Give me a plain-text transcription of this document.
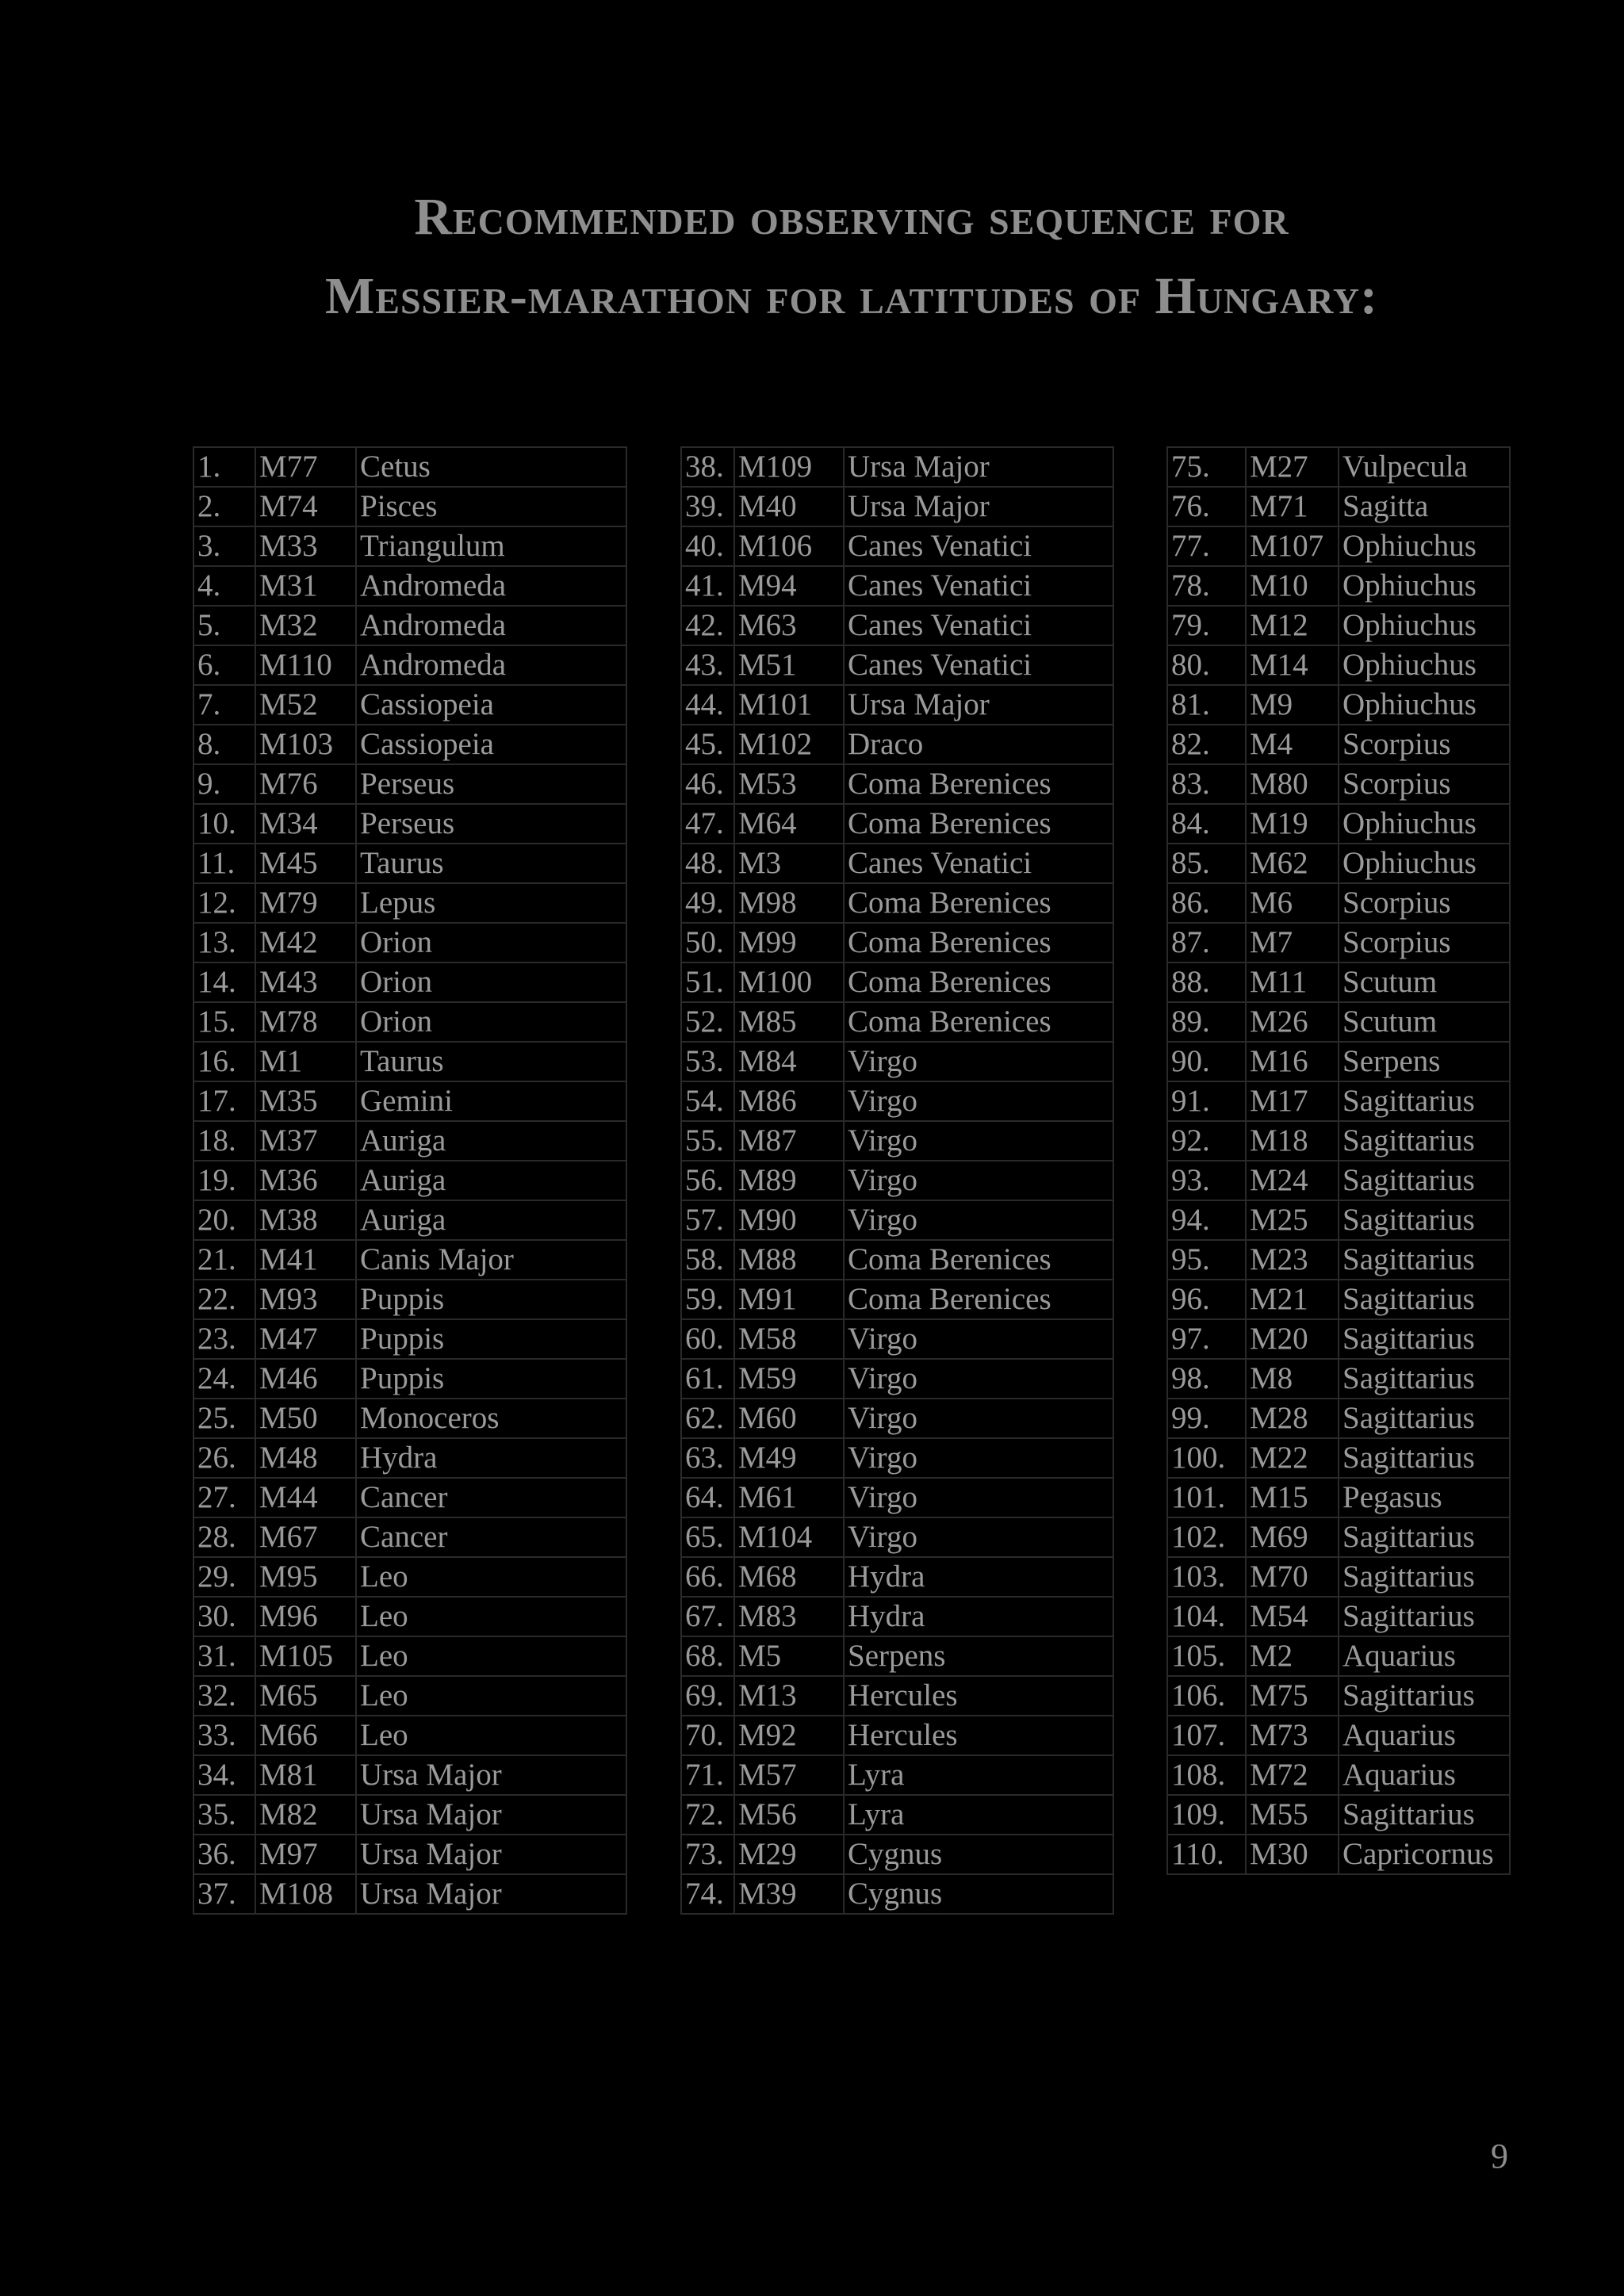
Recommended observing sequence for
Messier-marathon for latitudes of Hungary:
1.	M77	Cetus
2.	M74	Pisces
3.	M33	Triangulum
4.	M31	Andromeda
5.	M32	Andromeda
6.	M110	Andromeda
7.	M52	Cassiopeia
8.	M103	Cassiopeia
9.	M76	Perseus
10.	M34	Perseus
11.	M45	Taurus
12.	M79	Lepus
13.	M42	Orion
14.	M43	Orion
15.	M78	Orion
16.	M1	Taurus
17.	M35	Gemini
18.	M37	Auriga
19.	M36	Auriga
20.	M38	Auriga
21.	M41	Canis Major
22.	M93	Puppis
23.	M47	Puppis
24.	M46	Puppis
25.	M50	Monoceros
26.	M48	Hydra
27.	M44	Cancer
28.	M67	Cancer
29.	M95	Leo
30.	M96	Leo
31.	M105	Leo
32.	M65	Leo
33.	M66	Leo
34.	M81	Ursa Major
35.	M82	Ursa Major
36.	M97	Ursa Major
37.	M108	Ursa Major
38.	M109	Ursa Major
39.	M40	Ursa Major
40.	M106	Canes Venatici
41.	M94	Canes Venatici
42.	M63	Canes Venatici
43.	M51	Canes Venatici
44.	M101	Ursa Major
45.	M102	Draco
46.	M53	Coma Berenices
47.	M64	Coma Berenices
48.	M3	Canes Venatici
49.	M98	Coma Berenices
50.	M99	Coma Berenices
51.	M100	Coma Berenices
52.	M85	Coma Berenices
53.	M84	Virgo
54.	M86	Virgo
55.	M87	Virgo
56.	M89	Virgo
57.	M90	Virgo
58.	M88	Coma Berenices
59.	M91	Coma Berenices
60.	M58	Virgo
61.	M59	Virgo
62.	M60	Virgo
63.	M49	Virgo
64.	M61	Virgo
65.	M104	Virgo
66.	M68	Hydra
67.	M83	Hydra
68.	M5	Serpens
69.	M13	Hercules
70.	M92	Hercules
71.	M57	Lyra
72.	M56	Lyra
73.	M29	Cygnus
74.	M39	Cygnus
75.	M27	Vulpecula
76.	M71	Sagitta
77.	M107	Ophiuchus
78.	M10	Ophiuchus
79.	M12	Ophiuchus
80.	M14	Ophiuchus
81.	M9	Ophiuchus
82.	M4	Scorpius
83.	M80	Scorpius
84.	M19	Ophiuchus
85.	M62	Ophiuchus
86.	M6	Scorpius
87.	M7	Scorpius
88.	M11	Scutum
89.	M26	Scutum
90.	M16	Serpens
91.	M17	Sagittarius
92.	M18	Sagittarius
93.	M24	Sagittarius
94.	M25	Sagittarius
95.	M23	Sagittarius
96.	M21	Sagittarius
97.	M20	Sagittarius
98.	M8	Sagittarius
99.	M28	Sagittarius
100.	M22	Sagittarius
101.	M15	Pegasus
102.	M69	Sagittarius
103.	M70	Sagittarius
104.	M54	Sagittarius
105.	M2	Aquarius
106.	M75	Sagittarius
107.	M73	Aquarius
108.	M72	Aquarius
109.	M55	Sagittarius
110.	M30	Capricornus
9
